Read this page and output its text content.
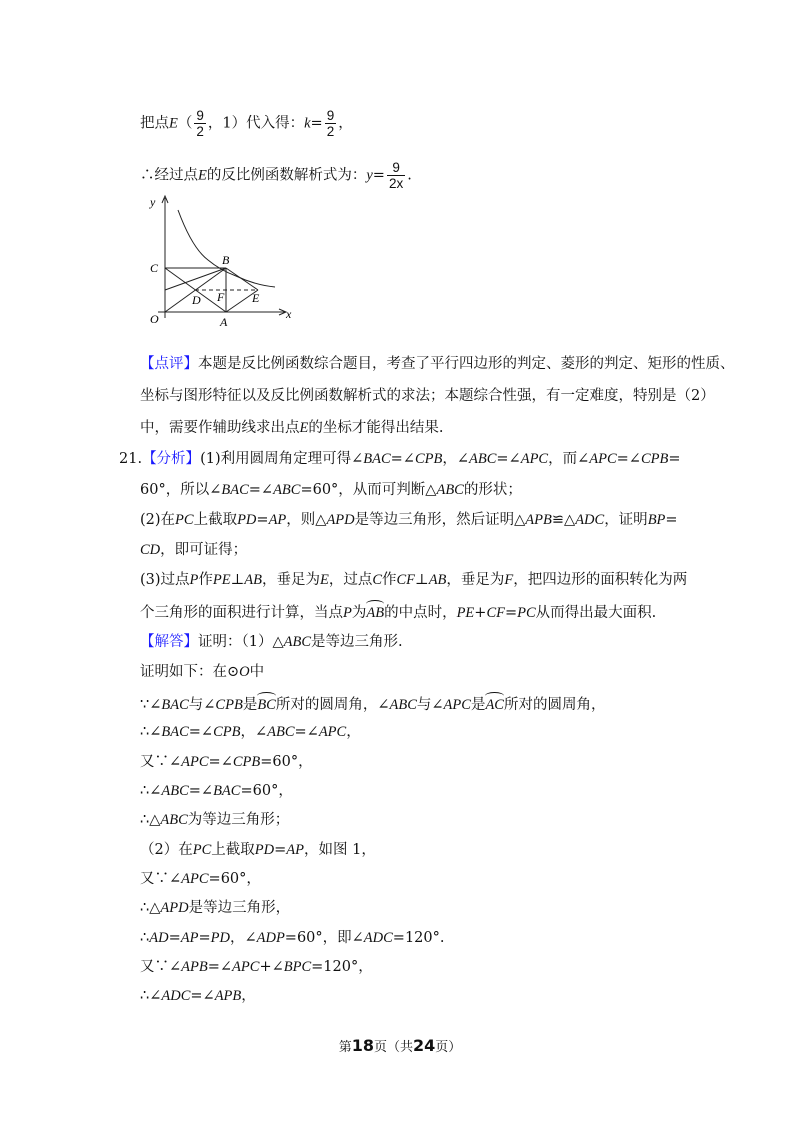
把点$E( \frac{9}{2}$ ，1）代入得：$k= \frac{9}{2}$ ，
∴经过点E的反比例函数解析式为：$y= \frac{9}{2x}$ .
y
x
O
C
B
D F E
A
【点评】本题是反比例函数综合题目，考查了平行四边形的判定、菱形的判定、矩形的性质、
坐标与图形特征以及反比例函数解析式的求法；本题综合性强，有一定难度，特别是（2）
中，需要作辅助线求出点E的坐标才能得出结果.
21.【分析】(1)利用圆周角定理可得∠BAC=∠CPB，∠ABC=∠APC，而∠APC=∠CPB=
60°，所以∠BAC=∠ABC=60°，从而可判断△ABC的形状；
(2)在PC上截取PD=AP，则△APD是等边三角形，然后证明△APB≌△ADC，证明BP=
CD，即可证得；
(3)过点P作PE⊥AB，垂足为E，过点C作CF⊥AB，垂足为F，把四边形的面积转化为两
个三角形的面积进行计算，当点P为AB的中点时，PE+CF=PC从而得出最大面积.
【解答】证明：（1）△ABC是等边三角形.
证明如下：在⊙O中
∵∠BAC与∠CPB是BC所对的圆周角，∠ABC与∠APC是AC所对的圆周角，
∴∠BAC=∠CPB，∠ABC=∠APC，
又∵∠APC=∠CPB=60°，
∴∠ABC=∠BAC=60°，
∴△ABC为等边三角形；
（2）在PC上截取PD=AP，如图 1，
又∵∠APC=60°，
∴△APD是等边三角形，
∴AD=AP=PD，∠ADP=60°，即∠ADC=120°.
又∵∠APB=∠APC+∠BPC=120°，
∴∠ADC=∠APB，
第18页（共24页）
